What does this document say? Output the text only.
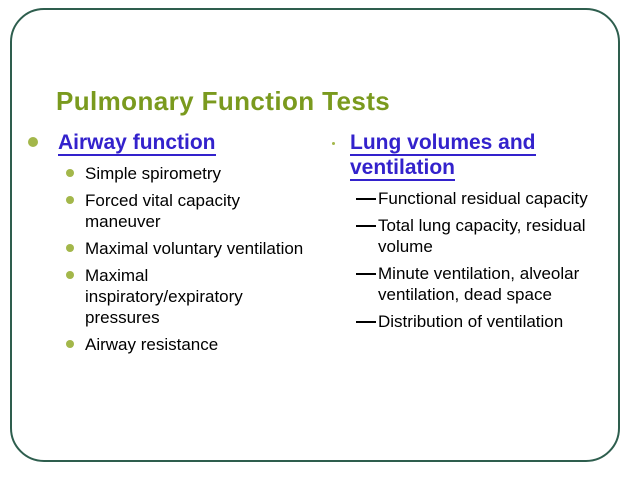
Pulmonary Function Tests
Airway function
Simple spirometry
Forced vital capacity maneuver
Maximal voluntary ventilation
Maximal inspiratory/expiratory pressures
Airway resistance
Lung volumes and
ventilation
Functional residual capacity
Total lung capacity, residual volume
Minute ventilation, alveolar ventilation, dead space
Distribution of ventilation
